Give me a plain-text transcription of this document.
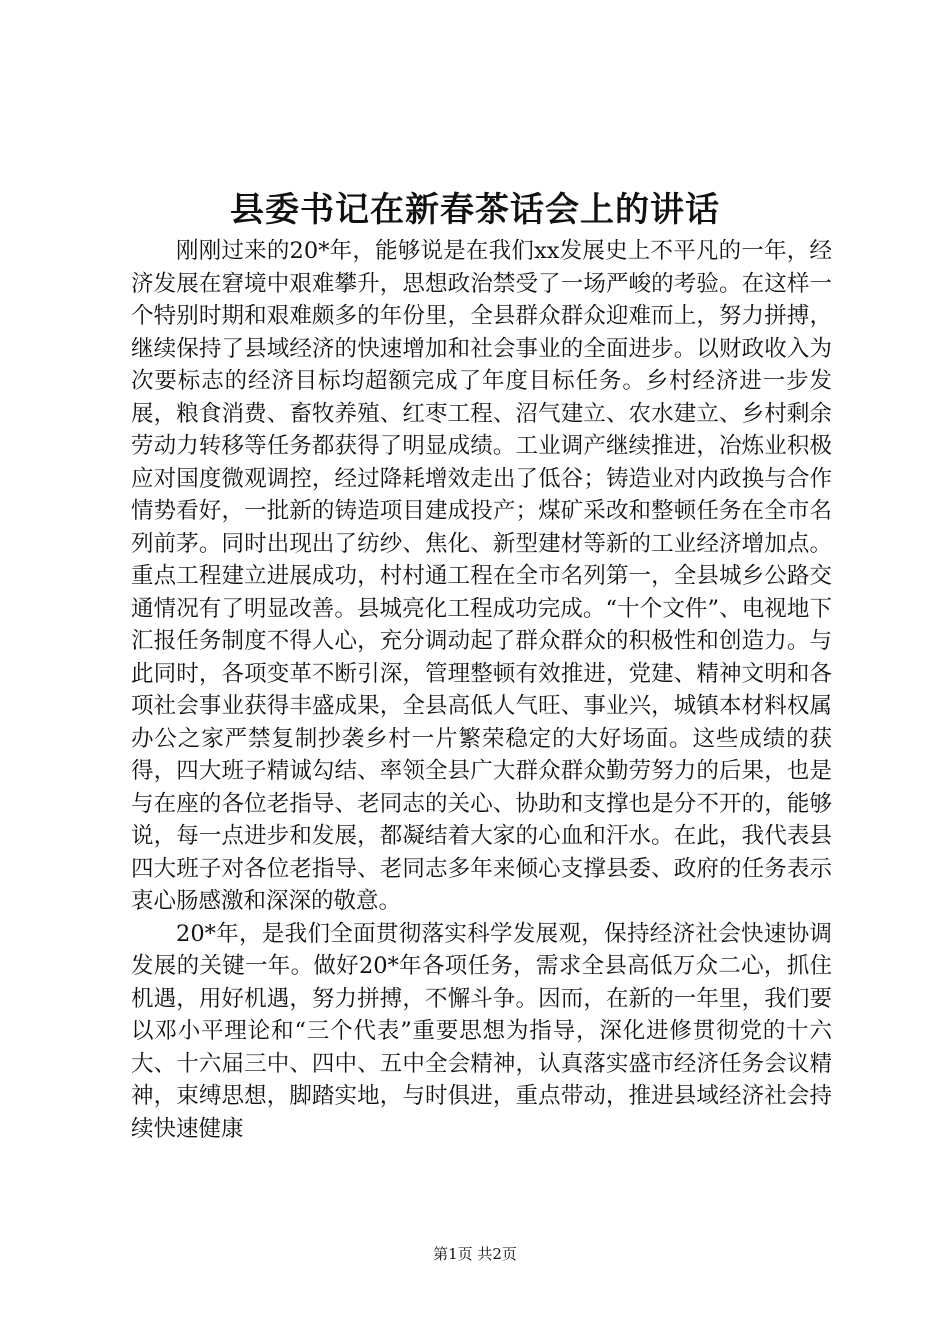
县委书记在新春茶话会上的讲话

刚刚过来的20*年，能够说是在我们xx发展史上不平凡的一年，经济发展在窘境中艰难攀升，思想政治禁受了一场严峻的考验。在这样一个特别时期和艰难颇多的年份里，全县群众群众迎难而上，努力拼搏，继续保持了县域经济的快速增加和社会事业的全面进步。以财政收入为次要标志的经济目标均超额完成了年度目标任务。乡村经济进一步发展，粮食消费、畜牧养殖、红枣工程、沼气建立、农水建立、乡村剩余劳动力转移等任务都获得了明显成绩。工业调产继续推进，冶炼业积极应对国度微观调控，经过降耗增效走出了低谷；铸造业对内政换与合作情势看好，一批新的铸造项目建成投产；煤矿采改和整顿任务在全市名列前茅。同时出现出了纺纱、焦化、新型建材等新的工业经济增加点。重点工程建立进展成功，村村通工程在全市名列第一，全县城乡公路交通情况有了明显改善。县城亮化工程成功完成。“十个文件”、电视地下汇报任务制度不得人心，充分调动起了群众群众的积极性和创造力。与此同时，各项变革不断引深，管理整顿有效推进，党建、精神文明和各项社会事业获得丰盛成果，全县高低人气旺、事业兴，城镇本材料权属办公之家严禁复制抄袭乡村一片繁荣稳定的大好场面。这些成绩的获得，四大班子精诚勾结、率领全县广大群众群众勤劳努力的后果，也是与在座的各位老指导、老同志的关心、协助和支撑也是分不开的，能够说，每一点进步和发展，都凝结着大家的心血和汗水。在此，我代表县四大班子对各位老指导、老同志多年来倾心支撑县委、政府的任务表示衷心肠感激和深深的敬意。

20*年，是我们全面贯彻落实科学发展观，保持经济社会快速协调发展的关键一年。做好20*年各项任务，需求全县高低万众二心，抓住机遇，用好机遇，努力拼搏，不懈斗争。因而，在新的一年里，我们要以邓小平理论和“三个代表”重要思想为指导，深化进修贯彻党的十六大、十六届三中、四中、五中全会精神，认真落实盛市经济任务会议精神，束缚思想，脚踏实地，与时俱进，重点带动，推进县域经济社会持续快速健康

第1页 共2页
